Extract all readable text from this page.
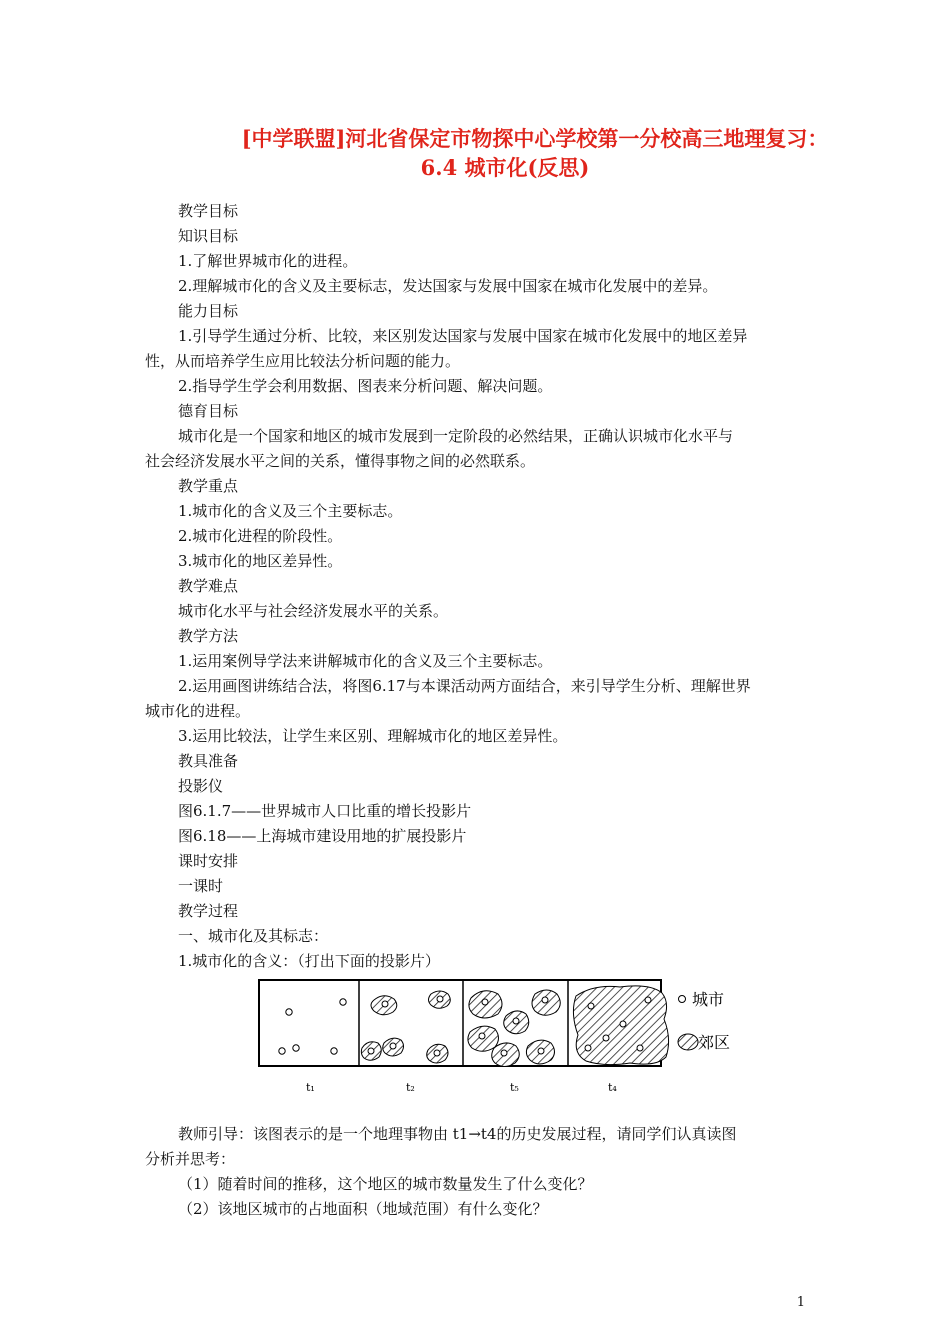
[中学联盟]河北省保定市物探中心学校第一分校高三地理复习：
6.4 城市化(反思)
教学目标
知识目标
1.了解世界城市化的进程。
2.理解城市化的含义及主要标志，发达国家与发展中国家在城市化发展中的差异。
能力目标
1.引导学生通过分析、比较，来区别发达国家与发展中国家在城市化发展中的地区差异
性，从而培养学生应用比较法分析问题的能力。
2.指导学生学会利用数据、图表来分析问题、解决问题。
德育目标
城市化是一个国家和地区的城市发展到一定阶段的必然结果，正确认识城市化水平与
社会经济发展水平之间的关系，懂得事物之间的必然联系。
教学重点
1.城市化的含义及三个主要标志。
2.城市化进程的阶段性。
3.城市化的地区差异性。
教学难点
城市化水平与社会经济发展水平的关系。
教学方法
1.运用案例导学法来讲解城市化的含义及三个主要标志。
2.运用画图讲练结合法，将图6.17与本课活动两方面结合，来引导学生分析、理解世界
城市化的进程。
3.运用比较法，让学生来区别、理解城市化的地区差异性。
教具准备
投影仪
图6.1.7——世界城市人口比重的增长投影片
图6.18——上海城市建设用地的扩展投影片
课时安排
一课时
教学过程
一、城市化及其标志：
1.城市化的含义：（打出下面的投影片）
城市
郊区
t₁	t₂	t₅	t₄
教师引导：该图表示的是一个地理事物由 t1→t4的历史发展过程，请同学们认真读图
分析并思考：
（1）随着时间的推移，这个地区的城市数量发生了什么变化？
（2）该地区城市的占地面积（地域范围）有什么变化？
1
